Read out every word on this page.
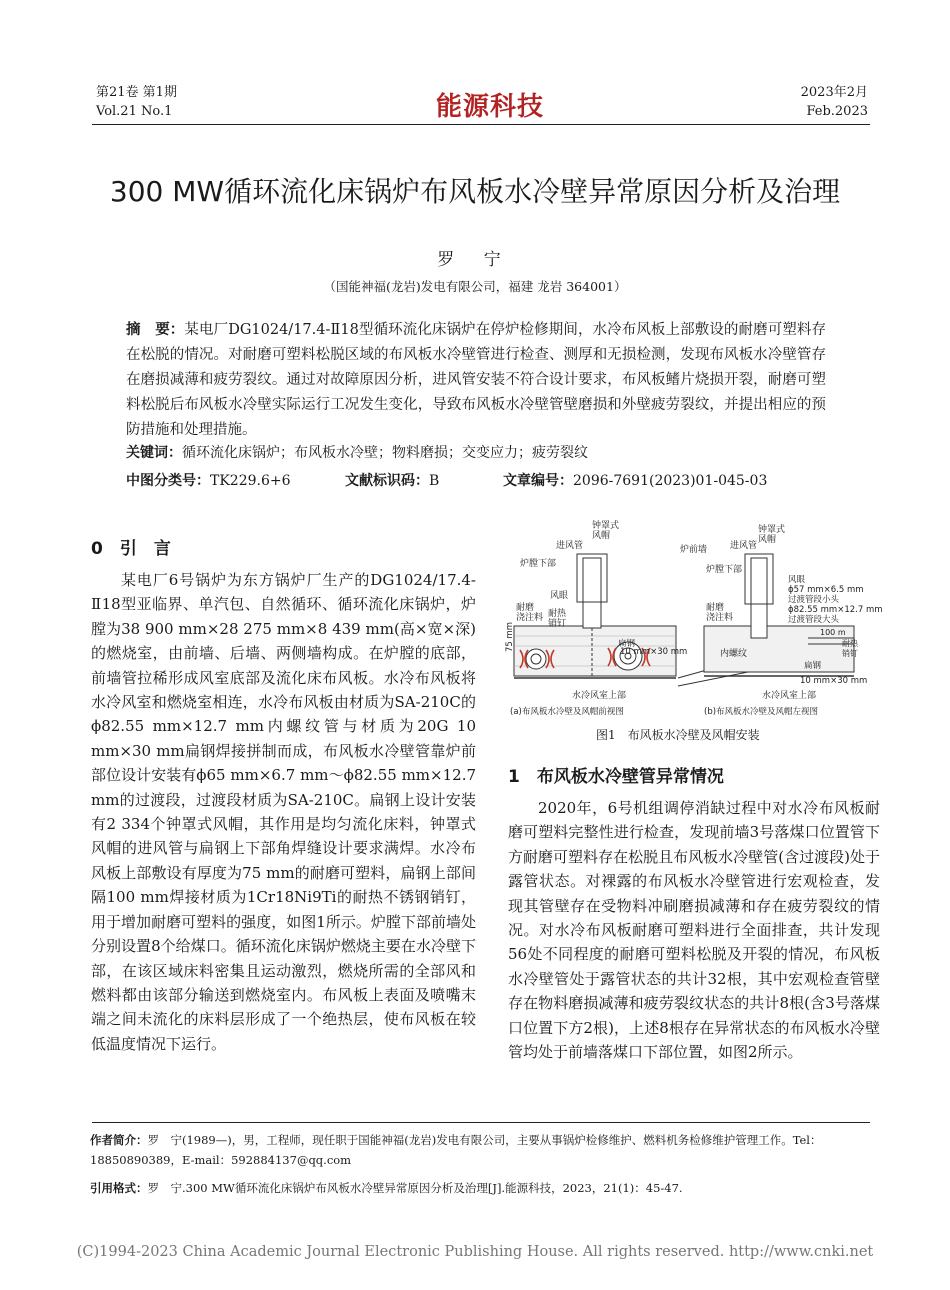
第21卷 第1期
Vol.21 No.1	能源科技	2023年2月
Feb.2023
300 MW循环流化床锅炉布风板水冷壁异常原因分析及治理
罗 宁
（国能神福(龙岩)发电有限公司，福建 龙岩 364001）
摘　要：某电厂DG1024/17.4-Ⅱ18型循环流化床锅炉在停炉检修期间，水冷布风板上部敷设的耐磨可塑料存在松脱的情况。对耐磨可塑料松脱区域的布风板水冷壁管进行检查、测厚和无损检测，发现布风板水冷壁管存在磨损减薄和疲劳裂纹。通过对故障原因分析，进风管安装不符合设计要求，布风板鳍片烧损开裂，耐磨可塑料松脱后布风板水冷壁实际运行工况发生变化，导致布风板水冷壁管壁磨损和外壁疲劳裂纹，并提出相应的预防措施和处理措施。
关键词：循环流化床锅炉；布风板水冷壁；物料磨损；交变应力；疲劳裂纹
中图分类号：TK229.6+6	文献标识码：B	文章编号：2096-7691(2023)01-045-03
0　引　言

某电厂6号锅炉为东方锅炉厂生产的DG1024/17.4-Ⅱ18型亚临界、单汽包、自然循环、循环流化床锅炉，炉膛为38 900 mm×28 275 mm×8 439 mm(高×宽×深)的燃烧室，由前墙、后墙、两侧墙构成。在炉膛的底部，前墙管拉稀形成风室底部及流化床布风板。水冷布风板将水冷风室和燃烧室相连，水冷布风板由材质为SA-210C的ϕ82.55 mm×12.7 mm内螺纹管与材质为20G 10 mm×30 mm扁钢焊接拼制而成，布风板水冷壁管靠炉前部位设计安装有ϕ65 mm×6.7 mm～ϕ82.55 mm×12.7 mm的过渡段，过渡段材质为SA-210C。扁钢上设计安装有2 334个钟罩式风帽，其作用是均匀流化床料，钟罩式风帽的进风管与扁钢上下部角焊缝设计要求满焊。水冷布风板上部敷设有厚度为75 mm的耐磨可塑料，扁钢上部间隔100 mm焊接材质为1Cr18Ni9Ti的耐热不锈钢销钉，用于增加耐磨可塑料的强度，如图1所示。炉膛下部前墙处分别设置8个给煤口。循环流化床锅炉燃烧主要在水冷壁下部，在该区域床料密集且运动激烈，燃烧所需的全部风和燃料都由该部分输送到燃烧室内。布风板上表面及喷嘴末端之间未流化的床料层形成了一个绝热层，使布风板在较低温度情况下运行。

钟罩式
风帽
进风管
炉膛下部
炉前墙
风眼
耐磨
浇注料 耐热
销钉
扁钢
10 mm×30 mm
75 mm
内螺纹
水冷风室上部
钟罩式
风帽
进风管
炉膛下部
风眼
ϕ57 mm×6.5 mm
过渡管段小头
ϕ82.55 mm×12.7 mm
过渡管段大头
耐磨
浇注料
100 m
耐热
销钉
扁钢
10 mm×30 mm
水冷风室上部
(a)布风板水冷壁及风帽前视图	(b)布风板水冷壁及风帽左视图
图1　布风板水冷壁及风帽安装
1　布风板水冷壁管异常情况

2020年，6号机组调停消缺过程中对水冷布风板耐磨可塑料完整性进行检查，发现前墙3号落煤口位置管下方耐磨可塑料存在松脱且布风板水冷壁管(含过渡段)处于露管状态。对裸露的布风板水冷壁管进行宏观检查，发现其管壁存在受物料冲刷磨损减薄和存在疲劳裂纹的情况。对水冷布风板耐磨可塑料进行全面排查，共计发现56处不同程度的耐磨可塑料松脱及开裂的情况，布风板水冷壁管处于露管状态的共计32根，其中宏观检查管壁存在物料磨损减薄和疲劳裂纹状态的共计8根(含3号落煤口位置下方2根)，上述8根存在异常状态的布风板水冷壁管均处于前墙落煤口下部位置，如图2所示。

作者简介：罗　宁(1989—)，男，工程师，现任职于国能神福(龙岩)发电有限公司，主要从事锅炉检修维护、燃料机务检修维护管理工作。Tel：18850890389，E-mail：592884137@qq.com
引用格式：罗　宁.300 MW循环流化床锅炉布风板水冷壁异常原因分析及治理[J].能源科技，2023，21(1)：45-47.
(C)1994-2023 China Academic Journal Electronic Publishing House. All rights reserved. http://www.cnki.net
